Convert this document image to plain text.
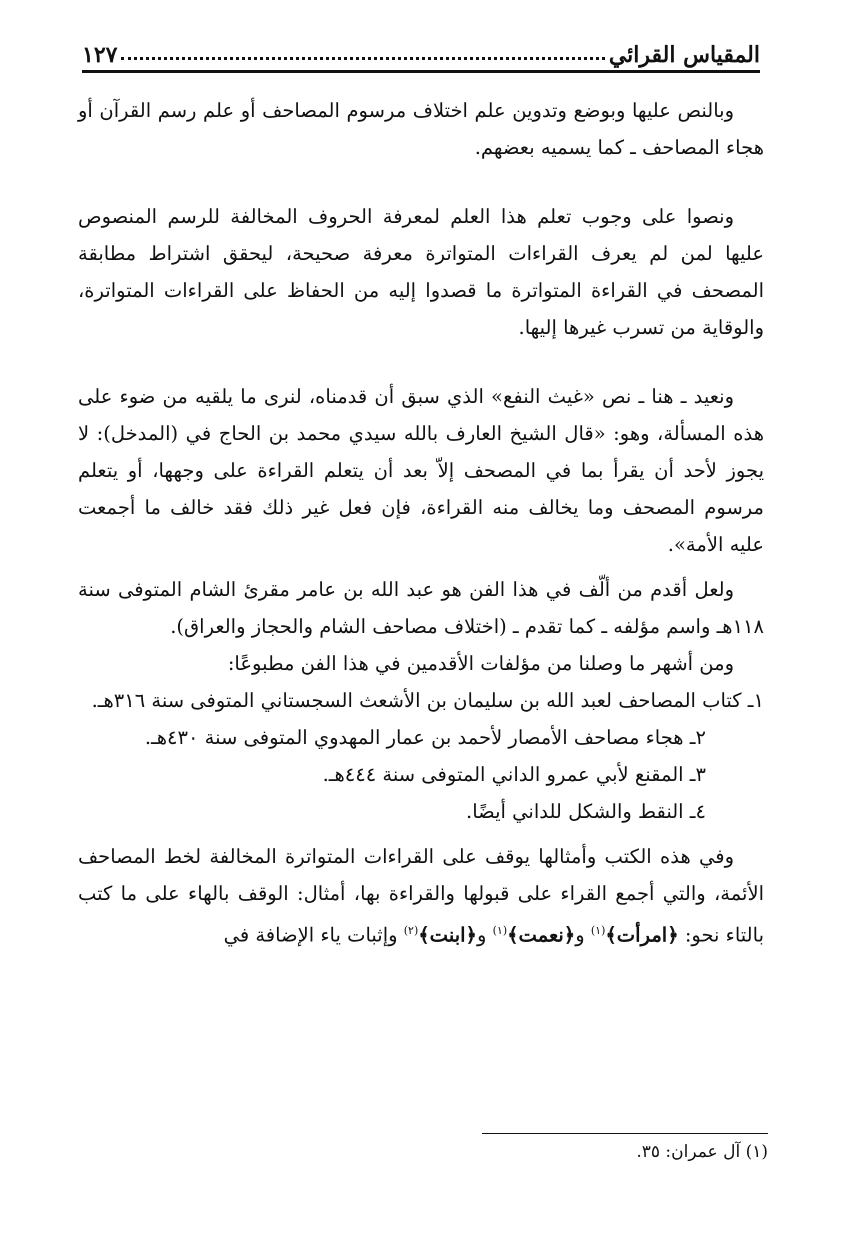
المقياس القرائي
١٢٧

وبالنص عليها وبوضع وتدوين علم اختلاف مرسوم المصاحف أو علم رسم القرآن أو هجاء المصاحف ـ كما يسميه بعضهم.

ونصوا على وجوب تعلم هذا العلم لمعرفة الحروف المخالفة للرسم المنصوص عليها لمن لم يعرف القراءات المتواترة معرفة صحيحة، ليحقق اشتراط مطابقة المصحف في القراءة المتواترة ما قصدوا إليه من الحفاظ على القراءات المتواترة، والوقاية من تسرب غيرها إليها.

ونعيد ـ هنا ـ نص «غيث النفع» الذي سبق أن قدمناه، لنرى ما يلقيه من ضوء على هذه المسألة، وهو: «قال الشيخ العارف بالله سيدي محمد بن الحاج في (المدخل): لا يجوز لأحد أن يقرأ بما في المصحف إلاّ بعد أن يتعلم القراءة على وجهها، أو يتعلم مرسوم المصحف وما يخالف منه القراءة، فإن فعل غير ذلك فقد خالف ما أجمعت عليه الأمة».

ولعل أقدم من ألّف في هذا الفن هو عبد الله بن عامر مقرئ الشام المتوفى سنة ١١٨هـ واسم مؤلفه ـ كما تقدم ـ (اختلاف مصاحف الشام والحجاز والعراق).

ومن أشهر ما وصلنا من مؤلفات الأقدمين في هذا الفن مطبوعًا:

١ـ كتاب المصاحف لعبد الله بن سليمان بن الأشعث السجستاني المتوفى سنة ٣١٦هـ.

٢ـ هجاء مصاحف الأمصار لأحمد بن عمار المهدوي المتوفى سنة ٤٣٠هـ.

٣ـ المقنع لأبي عمرو الداني المتوفى سنة ٤٤٤هـ.

٤ـ النقط والشكل للداني أيضًا.

وفي هذه الكتب وأمثالها يوقف على القراءات المتواترة المخالفة لخط المصاحف الأئمة، والتي أجمع القراء على قبولها والقراءة بها، أمثال: الوقف بالهاء على ما كتب بالتاء نحو: ﴿امرأت﴾$^{(١)}$ و﴿نعمت﴾$^{(١)}$ و﴿ابنت﴾$^{(٢)}$ وإثبات ياء الإضافة في

(١) آل عمران: ٣٥.
